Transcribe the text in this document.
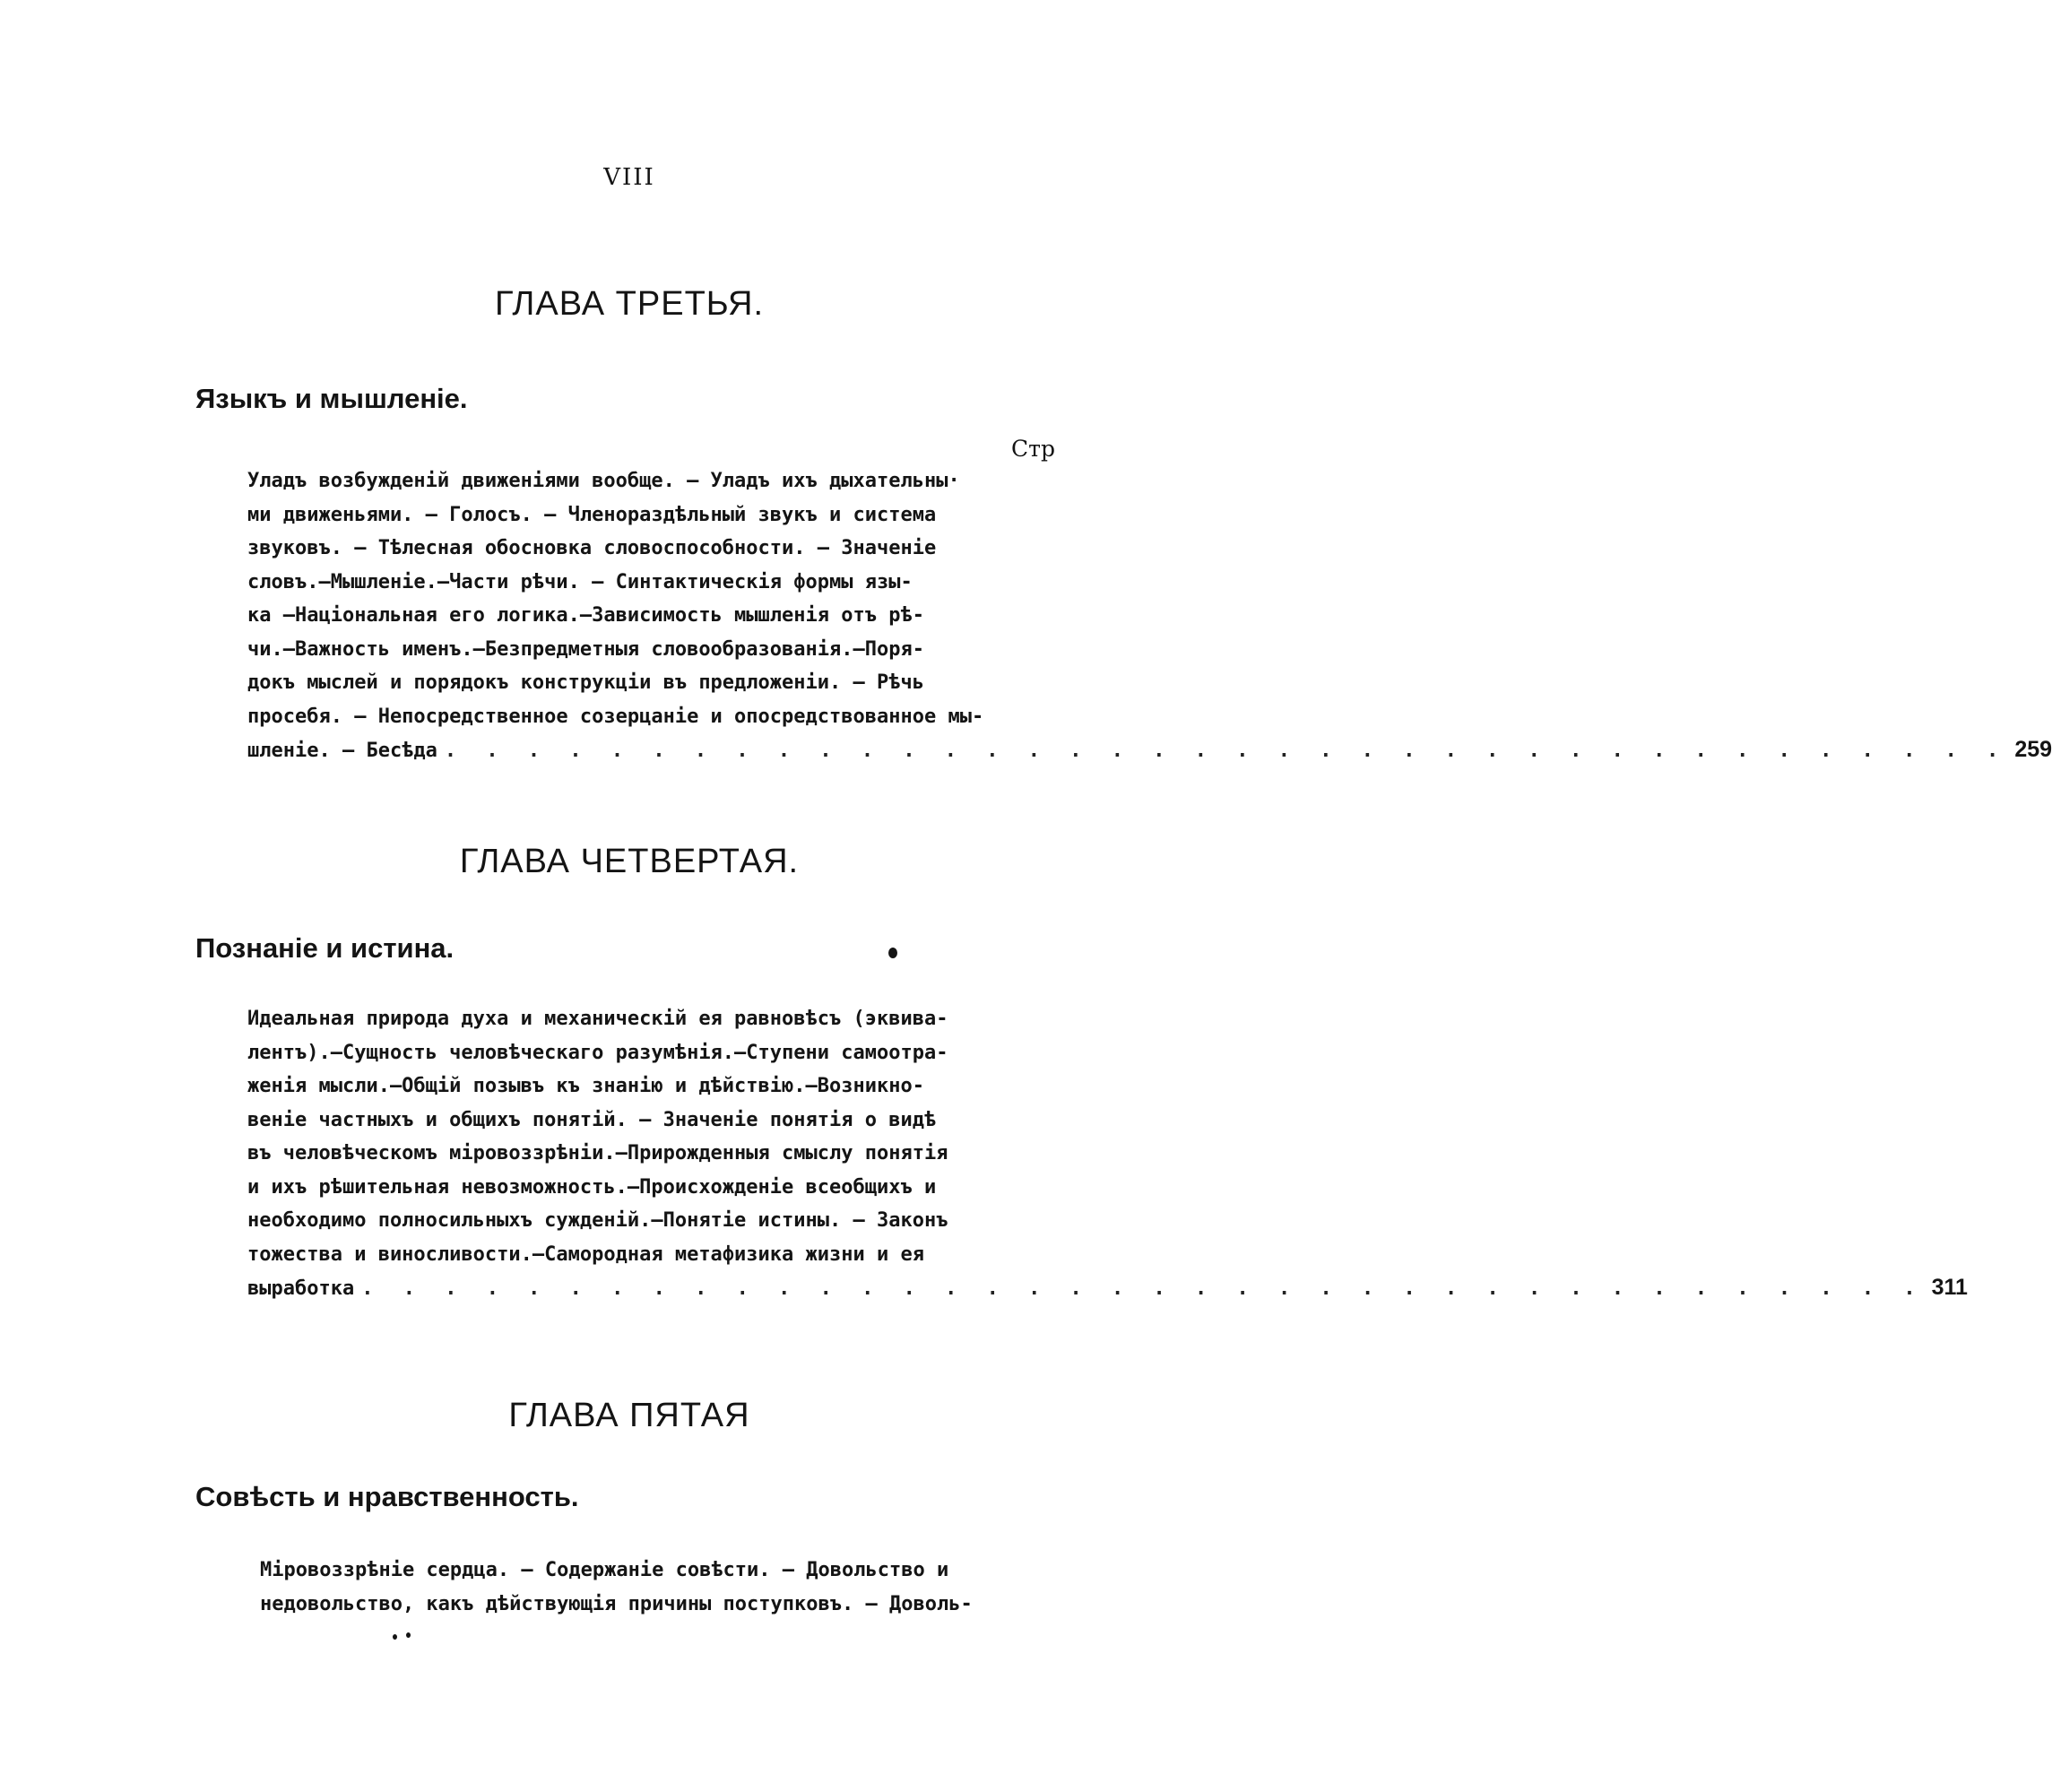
VIII
ГЛАВА ТРЕТЬЯ.
Языкъ и мышленіе.
Стр
Уладъ возбужденій движеніями вообще. — Уладъ ихъ дыхательны·
ми движеньями. — Голосъ. — Членораздѣльный звукъ и система
звуковъ. — Тѣлесная обосновка словоспособности. — Значеніе
словъ.—Мышленіе.—Части рѣчи. — Синтактическія формы язы-
ка —Національная его логика.—Зависимость мышленія отъ рѣ-
чи.—Важность именъ.—Безпредметныя словообразованія.—Поря-
докъ мыслей и порядокъ конструкціи въ предложеніи. — Рѣчь
просебя. — Непосредственное созерцаніе и опосредствованное мы-
шленіе. — Бесѣда . . . . . . . . . . . . . . . . . . . . . . . . . . . . . . . . . . . . . . 259
ГЛАВА ЧЕТВЕРТАЯ.
Познаніе и истина.
Идеальная природа духа и механическій ея равновѣсъ (эквива-
лентъ).—Сущность человѣческаго разумѣнія.—Ступени самоотра-
женія мысли.—Общій позывъ къ знанію и дѣйствію.—Возникно-
веніе частныхъ и общихъ понятій. — Значеніе понятія о видѣ
въ человѣческомъ міровоззрѣніи.—Прирожденныя смыслу понятія
и ихъ рѣшительная невозможность.—Происхожденіе всеобщихъ и
необходимо полносильныхъ сужденій.—Понятіе истины. — Законъ
тожества и виносливости.—Самородная метафизика жизни и ея
выработка . . . . . . . . . . . . . . . . . . . . . . . . . . . . . . . . . . . . . . 311
ГЛАВА ПЯТАЯ
Совѣсть и нравственность.
Міровоззрѣніе сердца. — Содержаніе совѣсти. — Довольство и
недовольство, какъ дѣйствующія причины поступковъ. — Доволь-
